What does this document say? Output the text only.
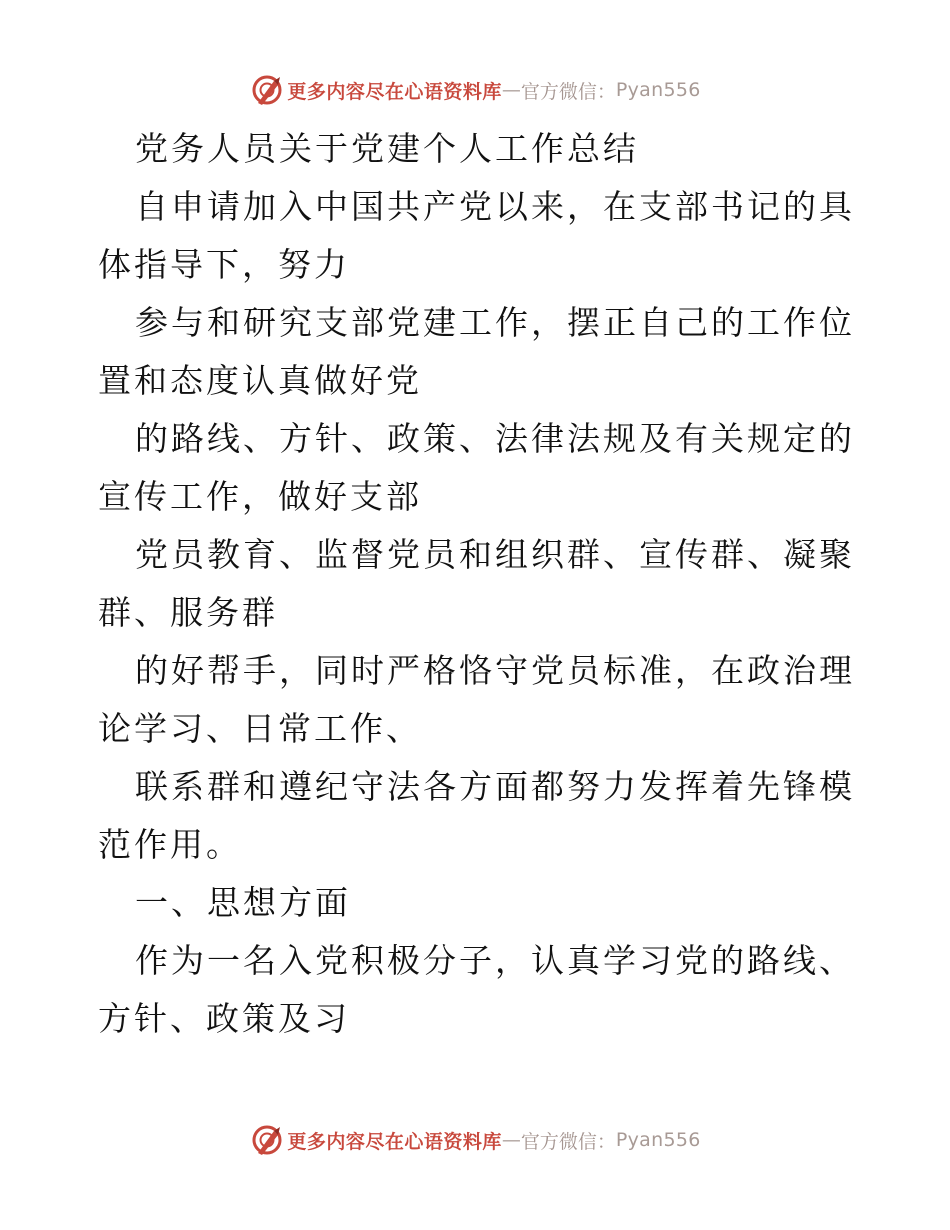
更多内容尽在心语资料库 — 官方微信： Pyan556

党务人员关于党建个人工作总结

自申请加入中国共产党以来，在支部书记的具体指导下，努力

参与和研究支部党建工作，摆正自己的工作位置和态度认真做好党

的路线、方针、政策、法律法规及有关规定的宣传工作，做好支部

党员教育、监督党员和组织群、宣传群、凝聚群、服务群

的好帮手，同时严格恪守党员标准，在政治理论学习、日常工作、

联系群和遵纪守法各方面都努力发挥着先锋模范作用。

一、思想方面

作为一名入党积极分子，认真学习党的路线、方针、政策及习

更多内容尽在心语资料库 — 官方微信： Pyan556
